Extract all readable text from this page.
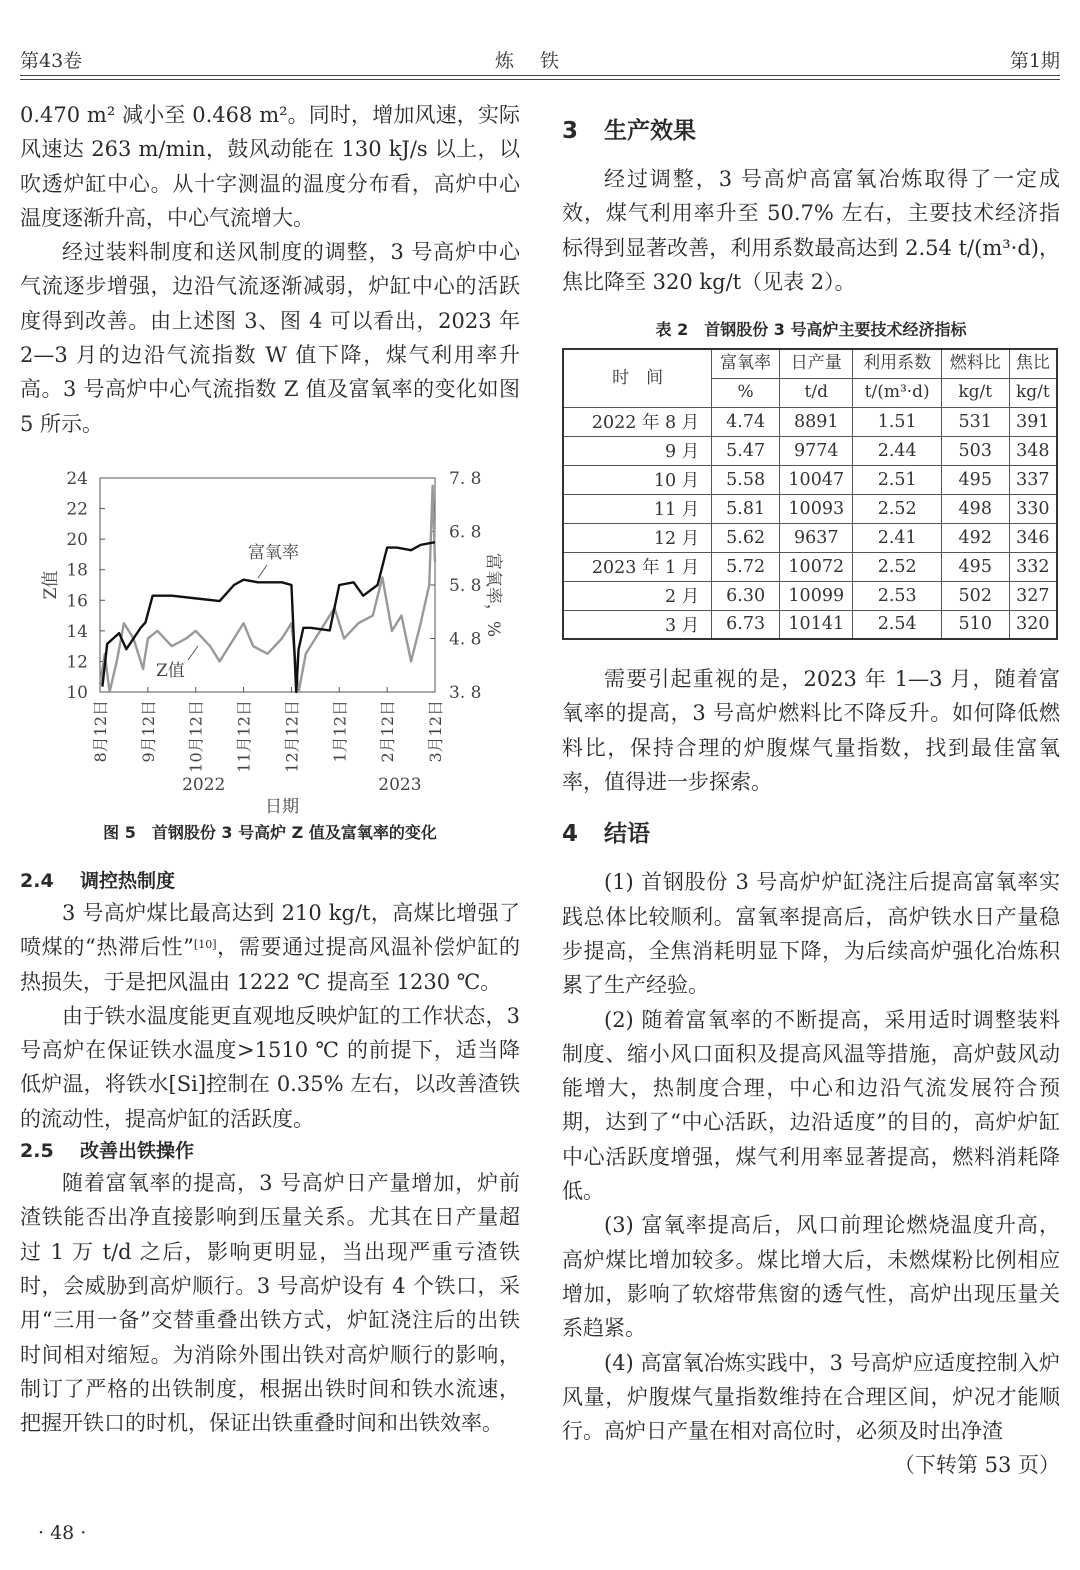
第43卷	炼铁	第1期

0.470 m² 减小至 0.468 m²。同时，增加风速，实际风速达 263 m/min，鼓风动能在 130 kJ/s 以上，以吹透炉缸中心。从十字测温的温度分布看，高炉中心温度逐渐升高，中心气流增大。

经过装料制度和送风制度的调整，3 号高炉中心气流逐步增强，边沿气流逐渐减弱，炉缸中心的活跃度得到改善。由上述图 3、图 4 可以看出，2023 年 2—3 月的边沿气流指数 W 值下降，煤气利用率升高。3 号高炉中心气流指数 Z 值及富氧率的变化如图 5 所示。

10
12
14
16
18
20
22
24
3. 8
4. 8
5. 8
6. 8
7. 8
8月12日 9月12日 10月12日 11月12日 12月12日 1月12日 2月12日 3月12日
Z值	富氧率，%
2022	2023
日期
富氧率
Z值
图 5　首钢股份 3 号高炉 Z 值及富氧率的变化
2.4 调控热制度

3 号高炉煤比最高达到 210 kg/t，高煤比增强了喷煤的“热滞后性”[10]，需要通过提高风温补偿炉缸的热损失，于是把风温由 1222 ℃ 提高至 1230 ℃。

由于铁水温度能更直观地反映炉缸的工作状态，3 号高炉在保证铁水温度>1510 ℃ 的前提下，适当降低炉温，将铁水[Si]控制在 0.35% 左右，以改善渣铁的流动性，提高炉缸的活跃度。

2.5 改善出铁操作

随着富氧率的提高，3 号高炉日产量增加，炉前渣铁能否出净直接影响到压量关系。尤其在日产量超过 1 万 t/d 之后，影响更明显，当出现严重亏渣铁时，会威胁到高炉顺行。3 号高炉设有 4 个铁口，采用“三用一备”交替重叠出铁方式，炉缸浇注后的出铁时间相对缩短。为消除外围出铁对高炉顺行的影响，制订了严格的出铁制度，根据出铁时间和铁水流速，把握开铁口的时机，保证出铁重叠时间和出铁效率。

3 生产效果

经过调整，3 号高炉高富氧冶炼取得了一定成效，煤气利用率升至 50.7% 左右，主要技术经济指标得到显著改善，利用系数最高达到 2.54 t/(m³·d)，焦比降至 320 kg/t（见表 2）。

表 2　首钢股份 3 号高炉主要技术经济指标
时　间	富氧率	日产量	利用系数	燃料比	焦比
	%	t/d	t/(m³·d)	kg/t	kg/t
2022 年 8 月	4.74	8891	1.51	531	391
9 月	5.47	9774	2.44	503	348
10 月	5.58	10047	2.51	495	337
11 月	5.81	10093	2.52	498	330
12 月	5.62	9637	2.41	492	346
2023 年 1 月	5.72	10072	2.52	495	332
2 月	6.30	10099	2.53	502	327
3 月	6.73	10141	2.54	510	320

需要引起重视的是，2023 年 1—3 月，随着富氧率的提高，3 号高炉燃料比不降反升。如何降低燃料比，保持合理的炉腹煤气量指数，找到最佳富氧率，值得进一步探索。

4 结语

(1) 首钢股份 3 号高炉炉缸浇注后提高富氧率实践总体比较顺利。富氧率提高后，高炉铁水日产量稳步提高，全焦消耗明显下降，为后续高炉强化冶炼积累了生产经验。

(2) 随着富氧率的不断提高，采用适时调整装料制度、缩小风口面积及提高风温等措施，高炉鼓风动能增大，热制度合理，中心和边沿气流发展符合预期，达到了“中心活跃，边沿适度”的目的，高炉炉缸中心活跃度增强，煤气利用率显著提高，燃料消耗降低。

(3) 富氧率提高后，风口前理论燃烧温度升高，高炉煤比增加较多。煤比增大后，未燃煤粉比例相应增加，影响了软熔带焦窗的透气性，高炉出现压量关系趋紧。

(4) 高富氧冶炼实践中，3 号高炉应适度控制入炉风量，炉腹煤气量指数维持在合理区间，炉况才能顺行。高炉日产量在相对高位时，必须及时出净渣

（下转第 53 页）

· 48 ·
